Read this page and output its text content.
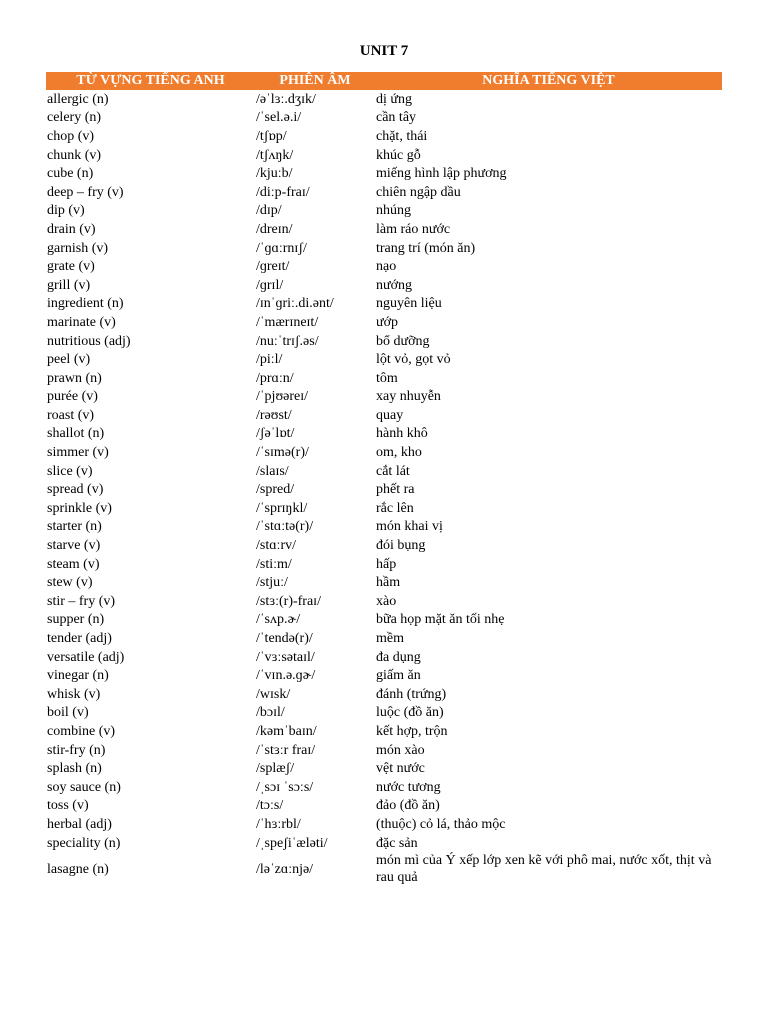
UNIT 7
TỪ VỰNG TIẾNG ANH	PHIÊN ÂM	NGHĨA TIẾNG VIỆT
allergic (n)	/əˈlɜː.dʒɪk/	dị ứng
celery (n)	/ˈsel.ə.i/	cần tây
chop (v)	/tʃɒp/	chặt, thái
chunk (v)	/tʃʌŋk/	khúc gỗ
cube (n)	/kjuːb/	miếng hình lập phương
deep – fry (v)	/diːp-fraɪ/	chiên ngập dầu
dip (v)	/dɪp/	nhúng
drain (v)	/dreɪn/	làm ráo nước
garnish (v)	/ˈɡɑːrnɪʃ/	trang trí (món ăn)
grate (v)	/ɡreɪt/	nạo
grill (v)	/ɡrɪl/	nướng
ingredient (n)	/ɪnˈɡriː.di.ənt/	nguyên liệu
marinate (v)	/ˈmærɪneɪt/	ướp
nutritious (adj)	/nuːˈtrɪʃ.əs/	bổ dưỡng
peel (v)	/piːl/	lột vỏ, gọt vỏ
prawn (n)	/prɑːn/	tôm
purée (v)	/ˈpjʊəreɪ/	xay nhuyễn
roast (v)	/rəʊst/	quay
shallot (n)	/ʃəˈlɒt/	hành khô
simmer (v)	/ˈsɪmə(r)/	om, kho
slice (v)	/slaɪs/	cắt lát
spread (v)	/spred/	phết ra
sprinkle (v)	/ˈsprɪŋkl/	rắc lên
starter (n)	/ˈstɑːtə(r)/	món khai vị
starve (v)	/stɑːrv/	đói bụng
steam (v)	/stiːm/	hấp
stew (v)	/stjuː/	hầm
stir – fry (v)	/stɜː(r)-fraɪ/	xào
supper (n)	/ˈsʌp.ɚ/	bữa họp mặt ăn tối nhẹ
tender (adj)	/ˈtendə(r)/	mềm
versatile (adj)	/ˈvɜːsətaɪl/	đa dụng
vinegar (n)	/ˈvɪn.ə.ɡɚ/	giấm ăn
whisk (v)	/wɪsk/	đánh (trứng)
boil (v)	/bɔɪl/	luộc (đồ ăn)
combine (v)	/kəmˈbaɪn/	kết hợp, trộn
stir-fry (n)	/ˈstɜːr fraɪ/	món xào
splash (n)	/splæʃ/	vệt nước
soy sauce (n)	/ˌsɔɪ ˈsɔːs/	nước tương
toss (v)	/tɔːs/	đảo (đồ ăn)
herbal (adj)	/ˈhɜːrbl/	(thuộc) cỏ lá, thảo mộc
speciality (n)	/ˌspeʃiˈæləti/	đặc sản
lasagne (n)	/ləˈzɑːnjə/	món mì của Ý xếp lớp xen kẽ với phô mai, nước xốt, thịt và rau quả
